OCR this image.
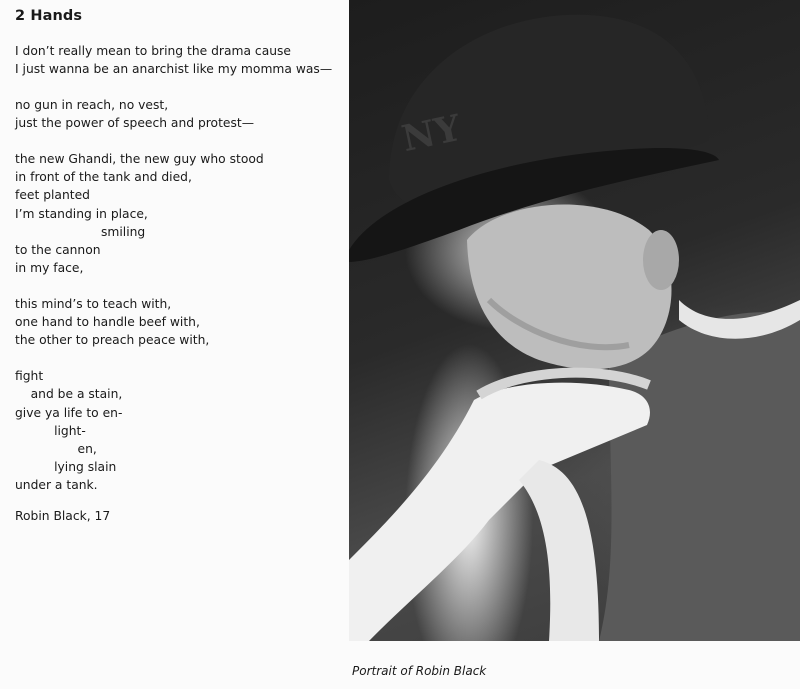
2 Hands
I don’t really mean to bring the drama cause
I just wanna be an anarchist like my momma was—
no gun in reach, no vest,
just the power of speech and protest—
the new Ghandi, the new guy who stood
in front of the tank and died,
feet planted
I’m standing in place,
smiling
to the cannon
in my face,
this mind’s to teach with,
one hand to handle beef with,
the other to preach peace with,
fight
and be a stain,
give ya life to en-
light-
en,
lying slain
under a tank.
Robin Black, 17
NY
Portrait of Robin Black
